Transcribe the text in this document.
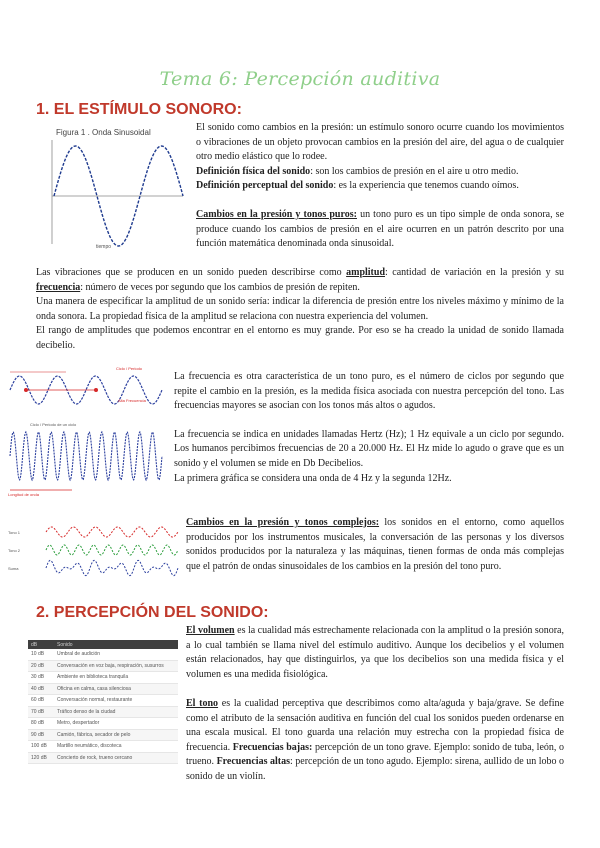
Tema 6: Percepción auditiva
1. EL ESTÍMULO SONORO:
Figura 1 . Onda Sinusoidal
tiempo

El sonido como cambios en la presión: un estímulo sonoro ocurre cuando los movimientos o vibraciones de un objeto provocan cambios en la presión del aire, del agua o de cualquier otro medio elástico que lo rodee.

Definición física del sonido: son los cambios de presión en el aire u otro medio.

Definición perceptual del sonido: es la experiencia que tenemos cuando oímos.

Cambios en la presión y tonos puros: un tono puro es un tipo simple de onda sonora, se produce cuando los cambios de presión en el aire ocurren en un patrón descrito por una función matemática denominada onda sinusoidal.

Las vibraciones que se producen en un sonido pueden describirse como amplitud: cantidad de variación en la presión y su frecuencia: número de veces por segundo que los cambios de presión de repiten.

Una manera de especificar la amplitud de un sonido sería: indicar la diferencia de presión entre los niveles máximo y mínimo de la onda sonora. La propiedad física de la amplitud se relaciona con nuestra experiencia del volumen.

El rango de amplitudes que podemos encontrar en el entorno es muy grande. Por eso se ha creado la unidad de sonido llamada decibelio.

Ciclo / Periodo
Alta Frecuencia
Ciclo / Periodo de un ciclo
Longitud de onda

La frecuencia es otra característica de un tono puro, es el número de ciclos por segundo que repite el cambio en la presión, es la medida física asociada con nuestra percepción del tono. Las frecuencias mayores se asocian con los tonos más altos o agudos.

La frecuencia se indica en unidades llamadas Hertz (Hz); 1 Hz equivale a un ciclo por segundo. Los humanos percibimos frecuencias de 20 a 20.000 Hz. El Hz mide lo agudo o grave que es un sonido y el volumen se mide en Db Decibelios.

La primera gráfica se considera una onda de 4 Hz y la segunda 12Hz.

Tono 1
Tono 2
Suma

Cambios en la presión y tonos complejos: los sonidos en el entorno, como aquellos producidos por los instrumentos musicales, la conversación de las personas y los diversos sonidos producidos por la naturaleza y las máquinas, tienen formas de onda más complejas que el patrón de ondas sinusoidales de los cambios en la presión del tono puro.

2. PERCEPCIÓN DEL SONIDO:
dB	Sonido
10 dB	Umbral de audición
20 dB	Conversación en voz baja, respiración, susurros
30 dB	Ambiente en biblioteca tranquila
40 dB	Oficina en calma, casa silenciosa
60 dB	Conversación normal, restaurante
70 dB	Tráfico denso de la ciudad
80 dB	Metro, despertador
90 dB	Camión, fábrica, secador de pelo
100 dB	Martillo neumático, discoteca
120 dB	Concierto de rock, trueno cercano

El volumen es la cualidad más estrechamente relacionada con la amplitud o la presión sonora, a lo cual también se llama nivel del estímulo auditivo. Aunque los decibelios y el volumen están relacionados, hay que distinguirlos, ya que los decibelios son una medida física y el volumen es una medida fisiológica.

El tono es la cualidad perceptiva que describimos como alta/aguda y baja/grave. Se define como el atributo de la sensación auditiva en función del cual los sonidos pueden ordenarse en una escala musical. El tono guarda una relación muy estrecha con la propiedad física de frecuencia. Frecuencias bajas: percepción de un tono grave. Ejemplo: sonido de tuba, león, o trueno. Frecuencias altas: percepción de un tono agudo. Ejemplo: sirena, aullido de un lobo o sonido de un violín.
